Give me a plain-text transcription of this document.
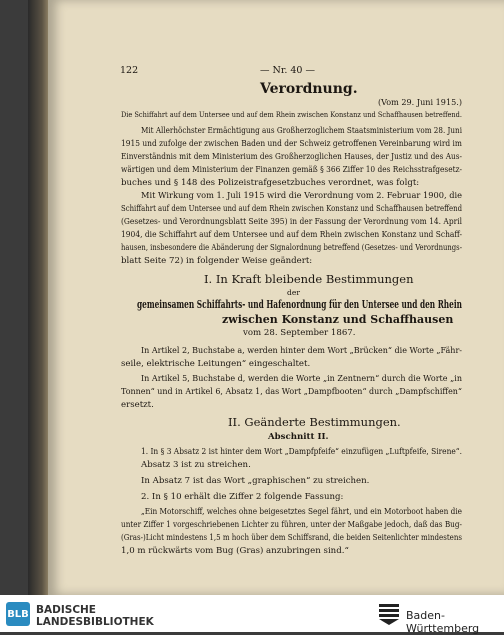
122	— Nr. 40 —
Verordnung.
(Vom 29. Juni 1915.)
Die Schiffahrt auf dem Untersee und auf dem Rhein zwischen Konstanz und Schaffhausen betreffend.
Mit Allerhöchster Ermächtigung aus Großherzoglichem Staatsministerium vom 28. Juni
1915 und zufolge der zwischen Baden und der Schweiz getroffenen Vereinbarung wird im
Einverständnis mit dem Ministerium des Großherzoglichen Hauses, der Justiz und des Aus-
wärtigen und dem Ministerium der Finanzen gemäß § 366 Ziffer 10 des Reichsstrafgesetz-
buches und § 148 des Polizeistrafgesetzbuches verordnet, was folgt:
Mit Wirkung vom 1. Juli 1915 wird die Verordnung vom 2. Februar 1900, die
Schiffahrt auf dem Untersee und auf dem Rhein zwischen Konstanz und Schaffhausen betreffend
(Gesetzes- und Verordnungsblatt Seite 395) in der Fassung der Verordnung vom 14. April
1904, die Schiffahrt auf dem Untersee und auf dem Rhein zwischen Konstanz und Schaff-
hausen, insbesondere die Abänderung der Signalordnung betreffend (Gesetzes- und Verordnungs-
blatt Seite 72) in folgender Weise geändert:
I. In Kraft bleibende Bestimmungen
der
gemeinsamen Schiffahrts- und Hafenordnung für den Untersee und den Rhein
zwischen Konstanz und Schaffhausen
vom 28. September 1867.
In Artikel 2, Buchstabe a, werden hinter dem Wort „Brücken“ die Worte „Fähr-
seile, elektrische Leitungen“ eingeschaltet.
In Artikel 5, Buchstabe d, werden die Worte „in Zentnern“ durch die Worte „in
Tonnen“ und in Artikel 6, Absatz 1, das Wort „Dampfbooten“ durch „Dampfschiffen“
ersetzt.
II. Geänderte Bestimmungen.
Abschnitt II.
1. In § 3 Absatz 2 ist hinter dem Wort „Dampfpfeife“ einzufügen „Luftpfeife, Sirene“.
Absatz 3 ist zu streichen.
In Absatz 7 ist das Wort „graphischen“ zu streichen.
2. In § 10 erhält die Ziffer 2 folgende Fassung:
„Ein Motorschiff, welches ohne beigesetztes Segel fährt, und ein Motorboot haben die
unter Ziffer 1 vorgeschriebenen Lichter zu führen, unter der Maßgabe jedoch, daß das Bug-
(Gras-)Licht mindestens 1,5 m hoch über dem Schiffsrand, die beiden Seitenlichter mindestens
1,0 m rückwärts vom Bug (Gras) anzubringen sind.“
BLB BADISCHE
LANDESBIBLIOTHEK	Baden-Württemberg
